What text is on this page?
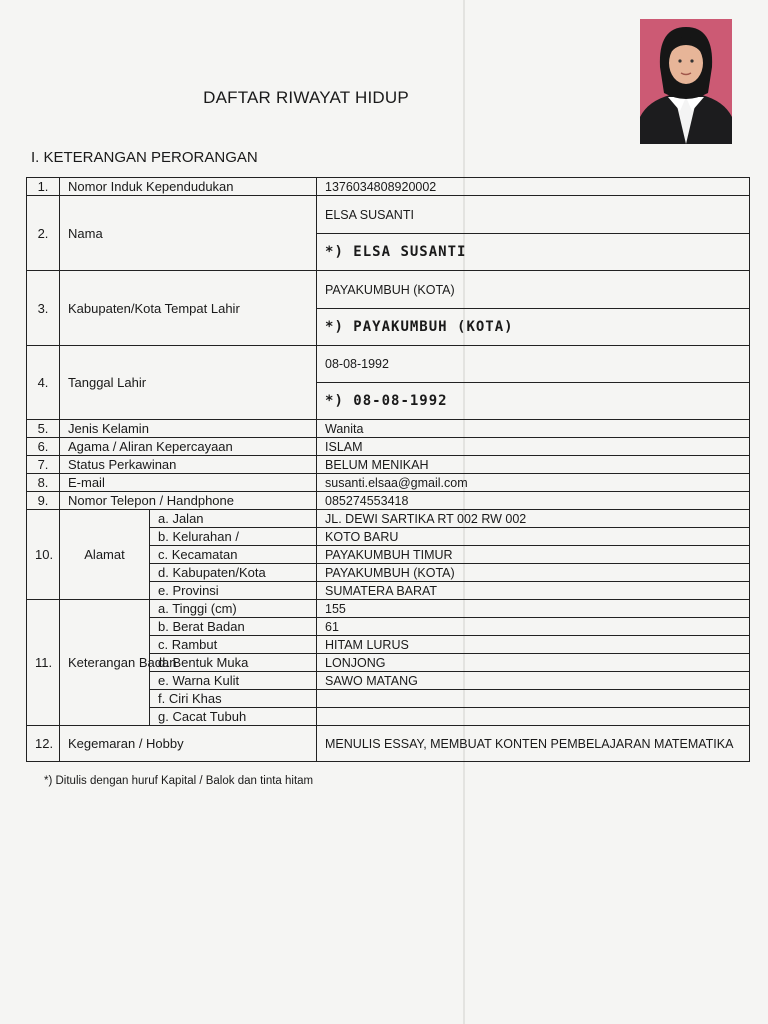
DAFTAR RIWAYAT HIDUP
I. KETERANGAN PERORANGAN
1.	Nomor Induk Kependudukan		1376034808920002
2.	Nama		ELSA SUSANTI
			*) ELSA SUSANTI
3.	Kabupaten/Kota Tempat Lahir		PAYAKUMBUH (KOTA)
			*) PAYAKUMBUH (KOTA)
4.	Tanggal Lahir		08-08-1992
			*) 08-08-1992
5.	Jenis Kelamin		Wanita
6.	Agama / Aliran Kepercayaan		ISLAM
7.	Status Perkawinan		BELUM MENIKAH
8.	E-mail		susanti.elsaa@gmail.com
9.	Nomor Telepon / Handphone		085274553418
10.	Alamat	a. Jalan	JL. DEWI SARTIKA RT 002 RW 002
		b. Kelurahan /	KOTO BARU
		c. Kecamatan	PAYAKUMBUH TIMUR
		d. Kabupaten/Kota	PAYAKUMBUH (KOTA)
		e. Provinsi	SUMATERA BARAT
11.	Keterangan Badan	a. Tinggi (cm)	155
		b. Berat Badan	61
		c. Rambut	HITAM LURUS
		d. Bentuk Muka	LONJONG
		e. Warna Kulit	SAWO MATANG
		f. Ciri Khas	
		g. Cacat Tubuh	
12.	Kegemaran / Hobby		MENULIS ESSAY, MEMBUAT KONTEN PEMBELAJARAN MATEMATIKA
*) Ditulis dengan huruf Kapital / Balok dan tinta hitam
